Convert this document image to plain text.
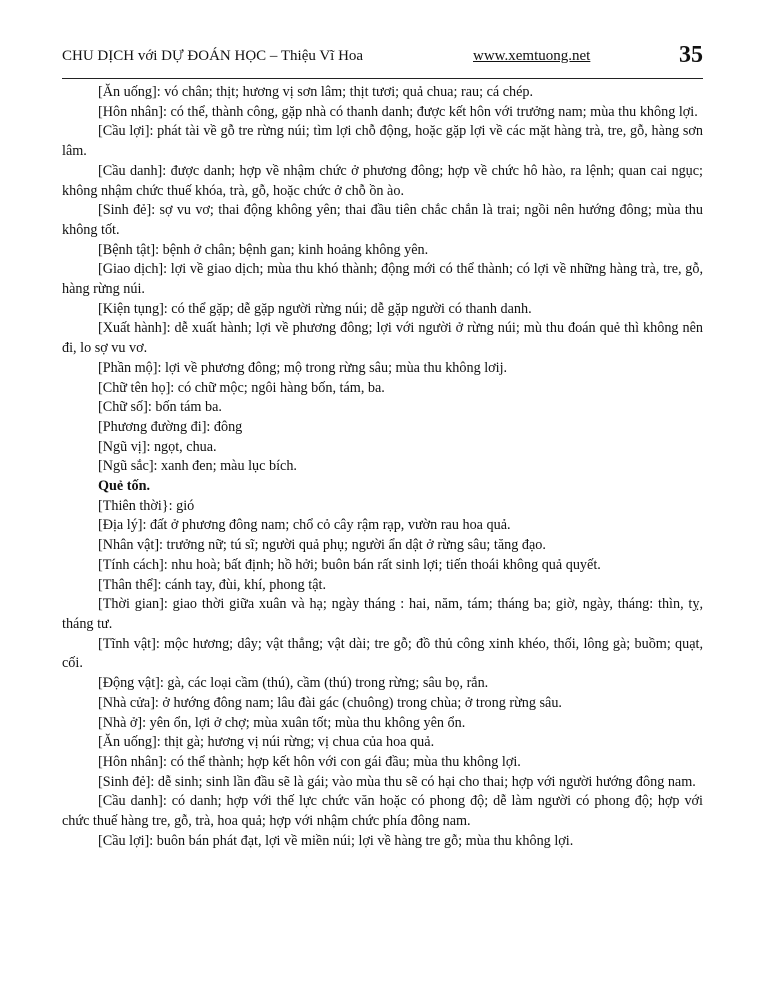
CHU DỊCH với DỰ ĐOÁN HỌC – Thiệu Vĩ Hoa	www.xemtuong.net	35

[Ăn uống]: vó chân; thịt; hương vị sơn lâm; thịt tươi; quả chua; rau; cá chép.

[Hôn nhân]: có thể, thành công, gặp nhà có thanh danh; được kết hôn với trưởng nam; mùa thu không lợi.

[Cầu lợi]: phát tài về gỗ tre rừng núi; tìm lợi chỗ động, hoặc gặp lợi về các mặt hàng trà, tre, gỗ, hàng sơn lâm.

[Cầu danh]: được danh; hợp về nhậm chức ở phương đông; hợp về chức hô hào, ra lệnh; quan cai ngục; không nhậm chức thuế khóa, trà, gỗ, hoặc chức ở chỗ ồn ào.

[Sinh đẻ]: sợ vu vơ; thai động không yên; thai đầu tiên chắc chắn là trai; ngồi nên hướng đông; mùa thu không tốt.

[Bệnh tật]: bệnh ở chân; bệnh gan; kinh hoảng không yên.

[Giao dịch]: lợi về giao dịch; mùa thu khó thành; động mới có thể thành; có lợi về những hàng trà, tre, gỗ, hàng rừng núi.

[Kiện tụng]: có thể gặp; dễ gặp người rừng núi; dễ gặp người có thanh danh.

[Xuất hành]: dễ xuất hành; lợi về phương đông; lợi với người ở rừng núi; mù thu đoán quẻ thì không nên đi, lo sợ vu vơ.

[Phần mộ]: lợi về phương đông; mộ trong rừng sâu; mùa thu không lơij.

[Chữ tên họ]: có chữ mộc; ngôi hàng bốn, tám, ba.

[Chữ số]: bốn tám ba.

[Phương đường đi]: đông

[Ngũ vị]: ngọt, chua.

[Ngũ sắc]: xanh đen; màu lục bích.

Quẻ tốn.

[Thiên thời}: gió

[Địa lý]: đất ở phương đông nam; chổ cỏ cây rậm rạp, vườn rau hoa quả.

[Nhân vật]: trưởng nữ; tú sĩ; người quả phụ; người ẩn dật ở rừng sâu; tăng đạo.

[Tính cách]: nhu hoà; bất định; hồ hởi; buôn bán rất sinh lợi; tiến thoái không quả quyết.

[Thân thể]: cánh tay, đùi, khí, phong tật.

[Thời gian]: giao thời giữa xuân và hạ; ngày tháng : hai, năm, tám; tháng ba; giờ, ngày, tháng: thìn, tỵ, tháng tư.

[Tĩnh vật]: mộc hương; dây; vật thẳng; vật dài; tre gỗ; đồ thủ công xinh khéo, thối, lông gà; buồm; quạt, cối.

[Động vật]: gà, các loại cầm (thú), cầm (thú) trong rừng; sâu bọ, rắn.

[Nhà cửa]: ở hướng đông nam; lâu đài gác (chuông) trong chùa; ở trong rừng sâu.

[Nhà ở]: yên ổn, lợi ở chợ; mùa xuân tốt; mùa thu không yên ổn.

[Ăn uống]: thịt gà; hương vị núi rừng; vị chua của hoa quả.

[Hôn nhân]: có thể thành; hợp kết hôn với con gái đầu; mùa thu không lợi.

[Sinh đẻ]: dễ sinh; sinh lần đầu sẽ là gái; vào mùa thu sẽ có hại cho thai; hợp với người hướng đông nam.

[Cầu danh]: có danh; hợp với thế lực chức văn hoặc có phong độ; dễ làm người có phong độ; hợp với chức thuế hàng tre, gỗ, trà, hoa quả; hợp với nhậm chức phía đông nam.

[Cầu lợi]: buôn bán phát đạt, lợi về miền núi; lợi về hàng tre gỗ; mùa thu không lợi.
